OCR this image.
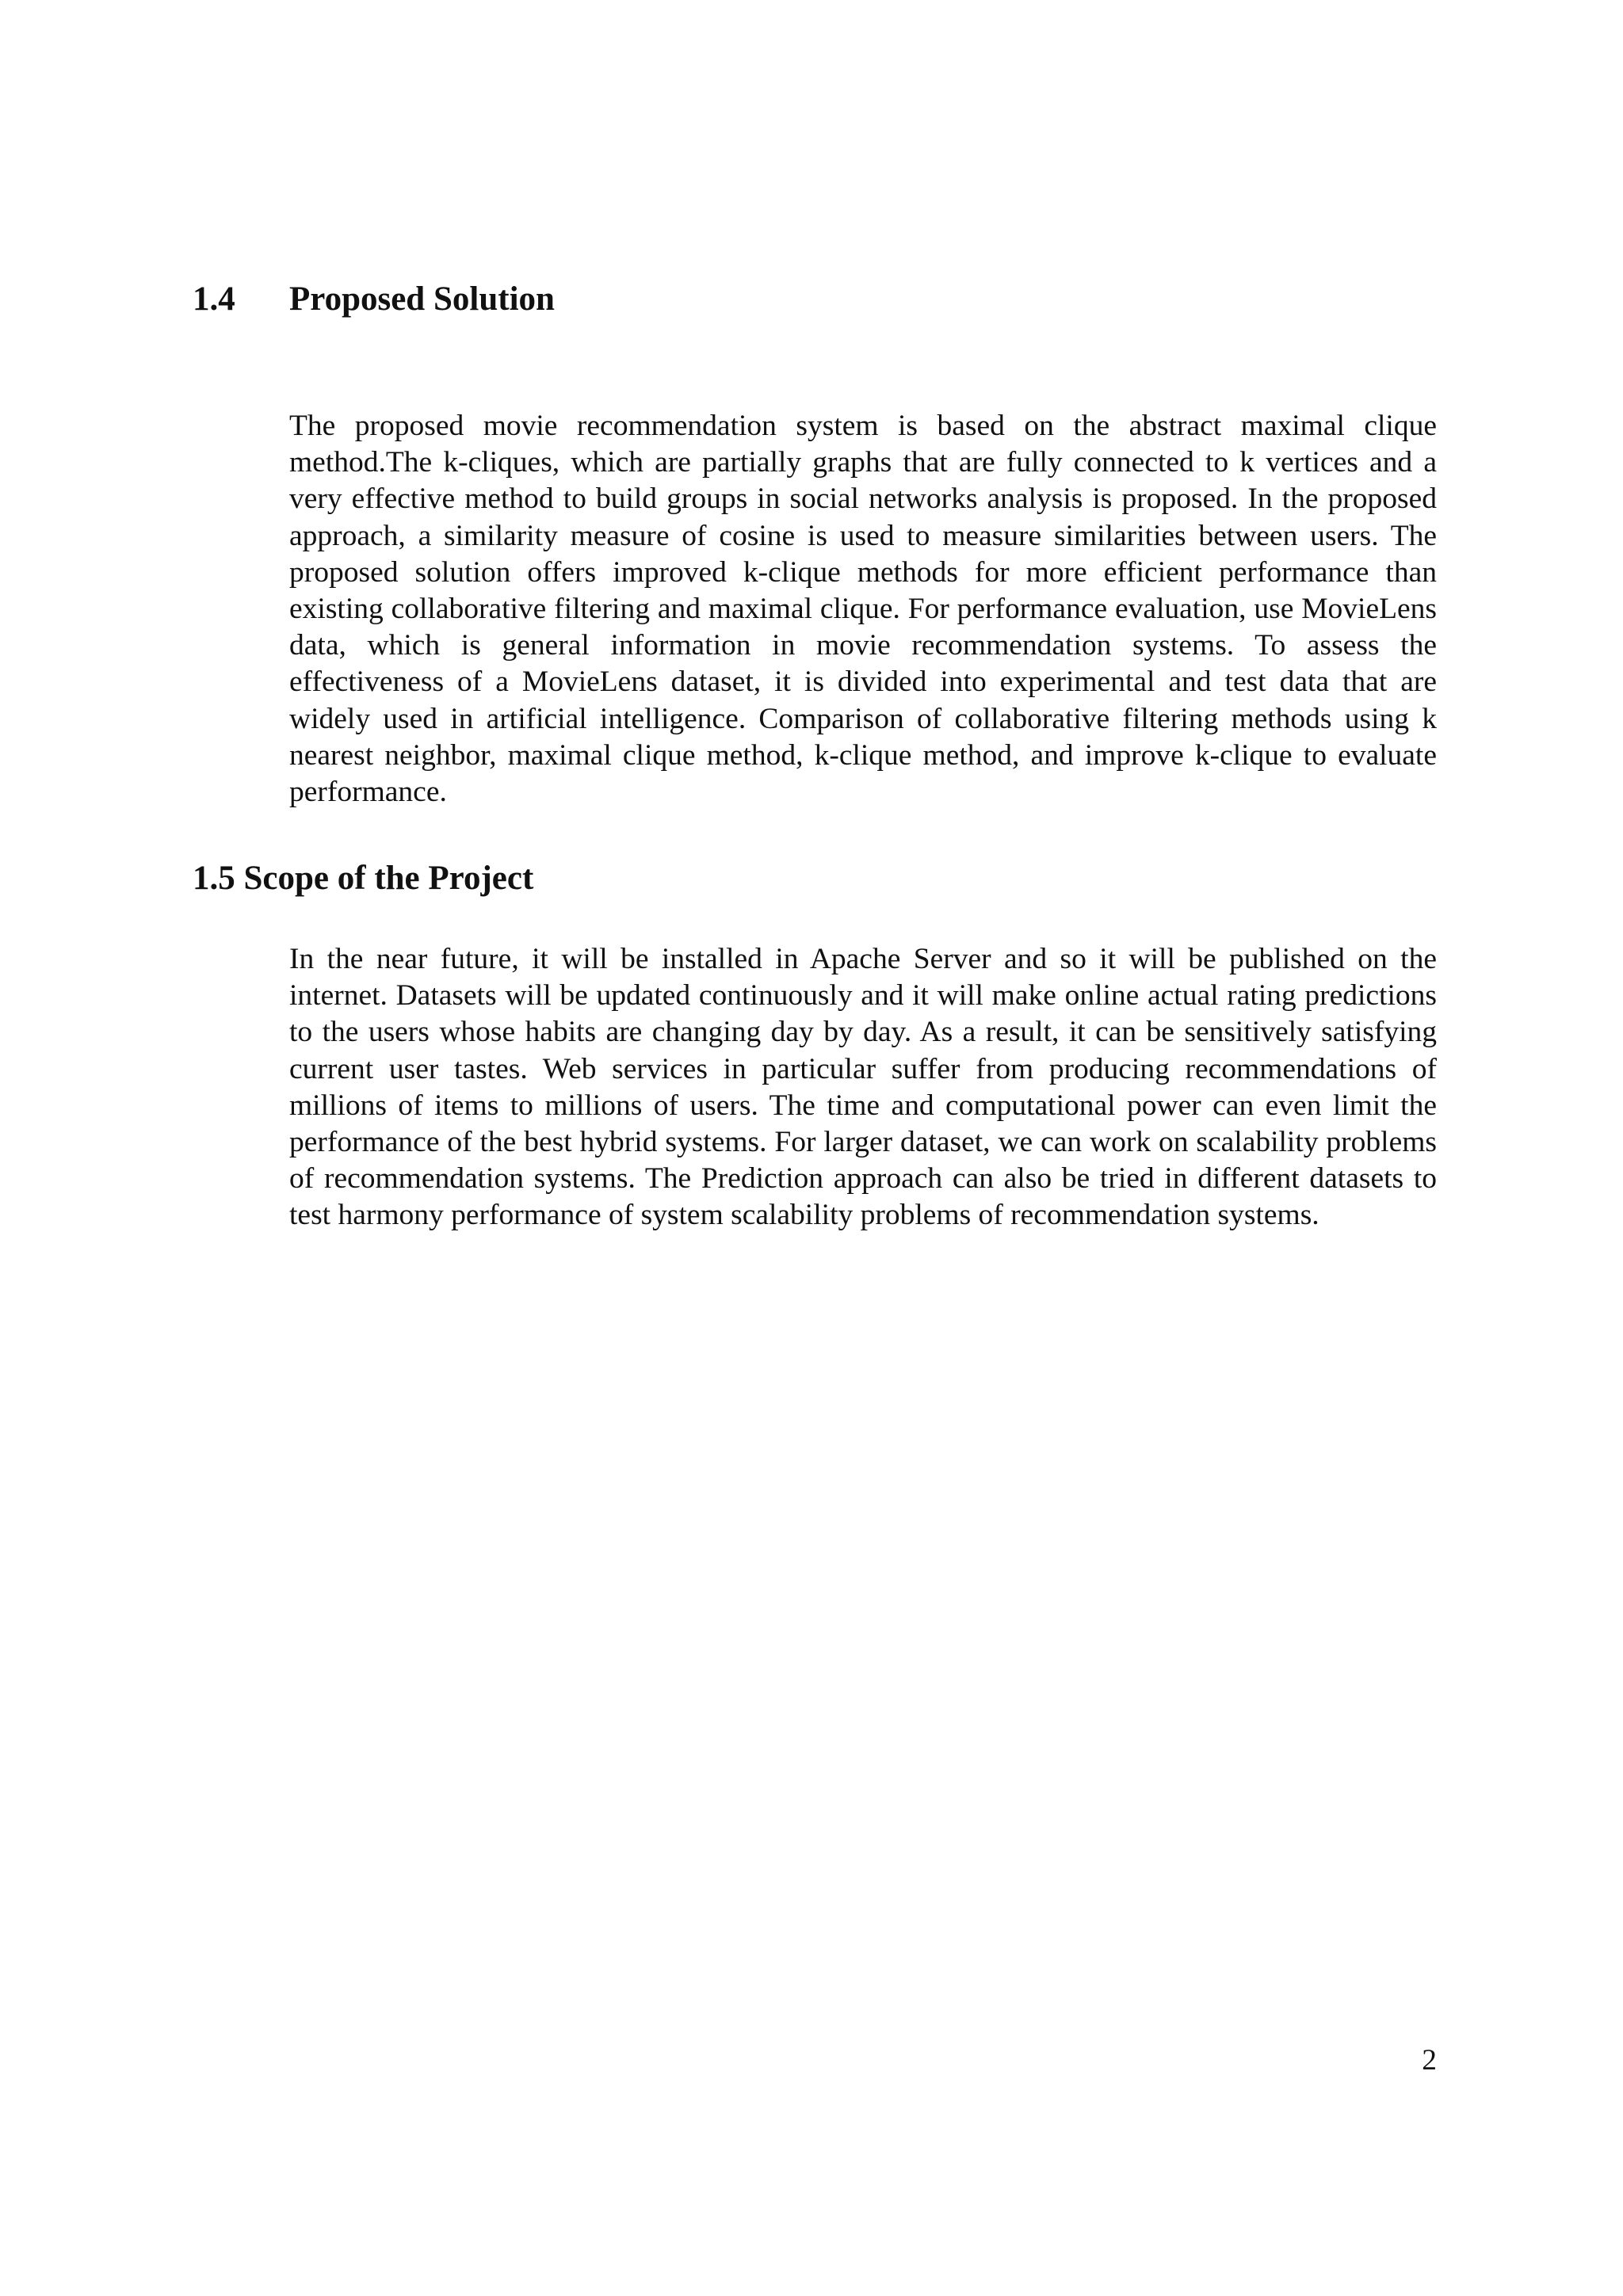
1.4 Proposed Solution

The proposed movie recommendation system is based on the abstract maximal clique method.The k-cliques, which are partially graphs that are fully connected to k vertices and a very effective method to build groups in social networks analysis is proposed. In the proposed approach, a similarity measure of cosine is used to measure similarities between users. The proposed solution offers improved k-clique methods for more efficient performance than existing collaborative filtering and maximal clique. For performance evaluation, use MovieLens data, which is general information in movie recommendation systems. To assess the effectiveness of a MovieLens dataset, it is divided into experimental and test data that are widely used in artificial intelligence. Comparison of collaborative filtering methods using k nearest neighbor, maximal clique method, k-clique method, and improve k-clique to evaluate performance.

1.5 Scope of the Project

In the near future, it will be installed in Apache Server and so it will be published on the internet. Datasets will be updated continuously and it will make online actual rating predictions to the users whose habits are changing day by day. As a result, it can be sensitively satisfying current user tastes. Web services in particular suffer from producing recommendations of millions of items to millions of users. The time and computational power can even limit the performance of the best hybrid systems. For larger dataset, we can work on scalability problems of recommendation systems. The Prediction approach can also be tried in different datasets to test harmony performance of system scalability problems of recommendation systems.

2
